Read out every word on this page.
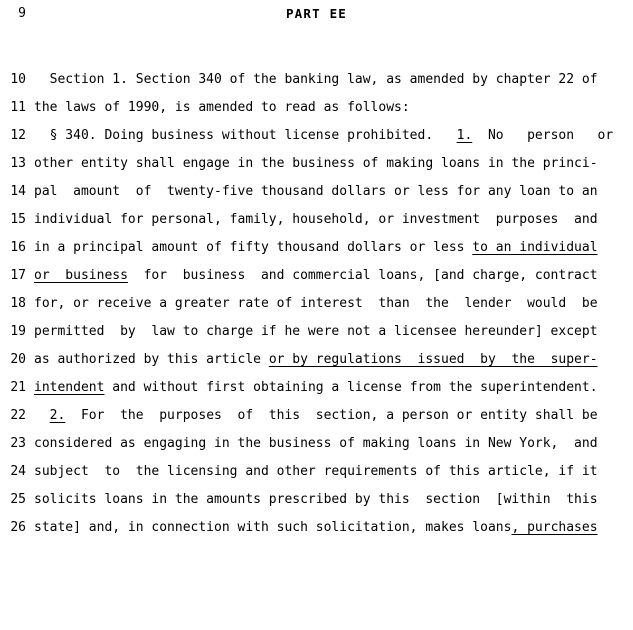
9	PART EE
10 Section 1. Section 340 of the banking law, as amended by chapter 22 of
11 the laws of 1990, is amended to read as follows:
12 § 340. Doing business without license prohibited.   1.  No   person   or
13 other entity shall engage in the business of making loans in the princi-
14 pal  amount  of  twenty-five thousand dollars or less for any loan to an
15 individual for personal, family, household, or investment  purposes  and
16 in a principal amount of fifty thousand dollars or less to an individual
17 or  business  for  business  and commercial loans, [and charge, contract
18 for, or receive a greater rate of interest  than  the  lender  would  be
19 permitted  by  law to charge if he were not a licensee hereunder] except
20 as authorized by this article or by regulations  issued  by  the  super-
21 intendent and without first obtaining a license from the superintendent.
22	2.  For  the  purposes  of  this  section, a person or entity shall be
23 considered as engaging in the business of making loans in New York,  and
24 subject  to  the licensing and other requirements of this article, if it
25 solicits loans in the amounts prescribed by this  section  [within  this
26 state] and, in connection with such solicitation, makes loans, purchases
